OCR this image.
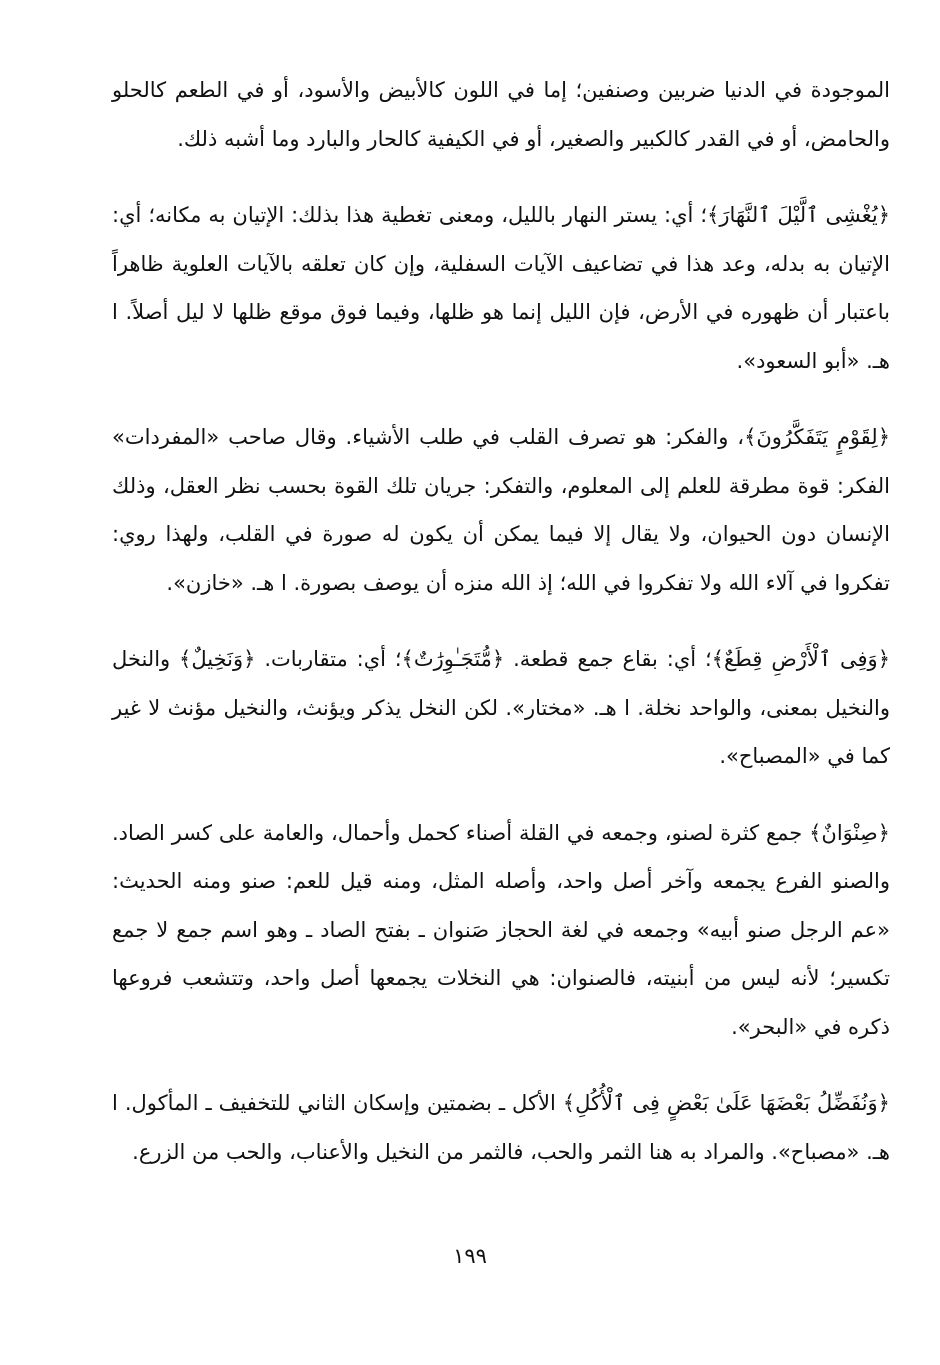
الموجودة في الدنيا ضربين وصنفين؛ إما في اللون كالأبيض والأسود، أو في الطعم كالحلو والحامض، أو في القدر كالكبير والصغير، أو في الكيفية كالحار والبارد وما أشبه ذلك.

﴿يُغْشِى ٱلَّيْلَ ٱلنَّهَارَ﴾؛ أي: يستر النهار بالليل، ومعنى تغطية هذا بذلك: الإتيان به مكانه؛ أي: الإتيان به بدله، وعد هذا في تضاعيف الآيات السفلية، وإن كان تعلقه بالآيات العلوية ظاهراً باعتبار أن ظهوره في الأرض، فإن الليل إنما هو ظلها، وفيما فوق موقع ظلها لا ليل أصلاً. ا هـ. «أبو السعود».

﴿لِقَوْمٍ يَتَفَكَّرُونَ﴾، والفكر: هو تصرف القلب في طلب الأشياء. وقال صاحب «المفردات» الفكر: قوة مطرقة للعلم إلى المعلوم، والتفكر: جريان تلك القوة بحسب نظر العقل، وذلك الإنسان دون الحيوان، ولا يقال إلا فيما يمكن أن يكون له صورة في القلب، ولهذا روي: تفكروا في آلاء الله ولا تفكروا في الله؛ إذ الله منزه أن يوصف بصورة. ا هـ. «خازن».

﴿وَفِى ٱلْأَرْضِ قِطَعٌ﴾؛ أي: بقاع جمع قطعة. ﴿مُّتَجَـٰوِرَٰتٌ﴾؛ أي: متقاربات. ﴿وَنَخِيلٌ﴾ والنخل والنخيل بمعنى، والواحد نخلة. ا هـ. «مختار». لكن النخل يذكر ويؤنث، والنخيل مؤنث لا غير كما في «المصباح».

﴿صِنْوَانٌ﴾ جمع كثرة لصنو، وجمعه في القلة أصناء كحمل وأحمال، والعامة على كسر الصاد. والصنو الفرع يجمعه وآخر أصل واحد، وأصله المثل، ومنه قيل للعم: صنو ومنه الحديث: «عم الرجل صنو أبيه» وجمعه في لغة الحجاز صَنوان ـ بفتح الصاد ـ وهو اسم جمع لا جمع تكسير؛ لأنه ليس من أبنيته، فالصنوان: هي النخلات يجمعها أصل واحد، وتتشعب فروعها ذكره في «البحر».

﴿وَنُفَضِّلُ بَعْضَهَا عَلَىٰ بَعْضٍ فِى ٱلْأُكُلِ﴾ الأكل ـ بضمتين وإسكان الثاني للتخفيف ـ المأكول. ا هـ. «مصباح». والمراد به هنا الثمر والحب، فالثمر من النخيل والأعناب، والحب من الزرع.

١٩٩
